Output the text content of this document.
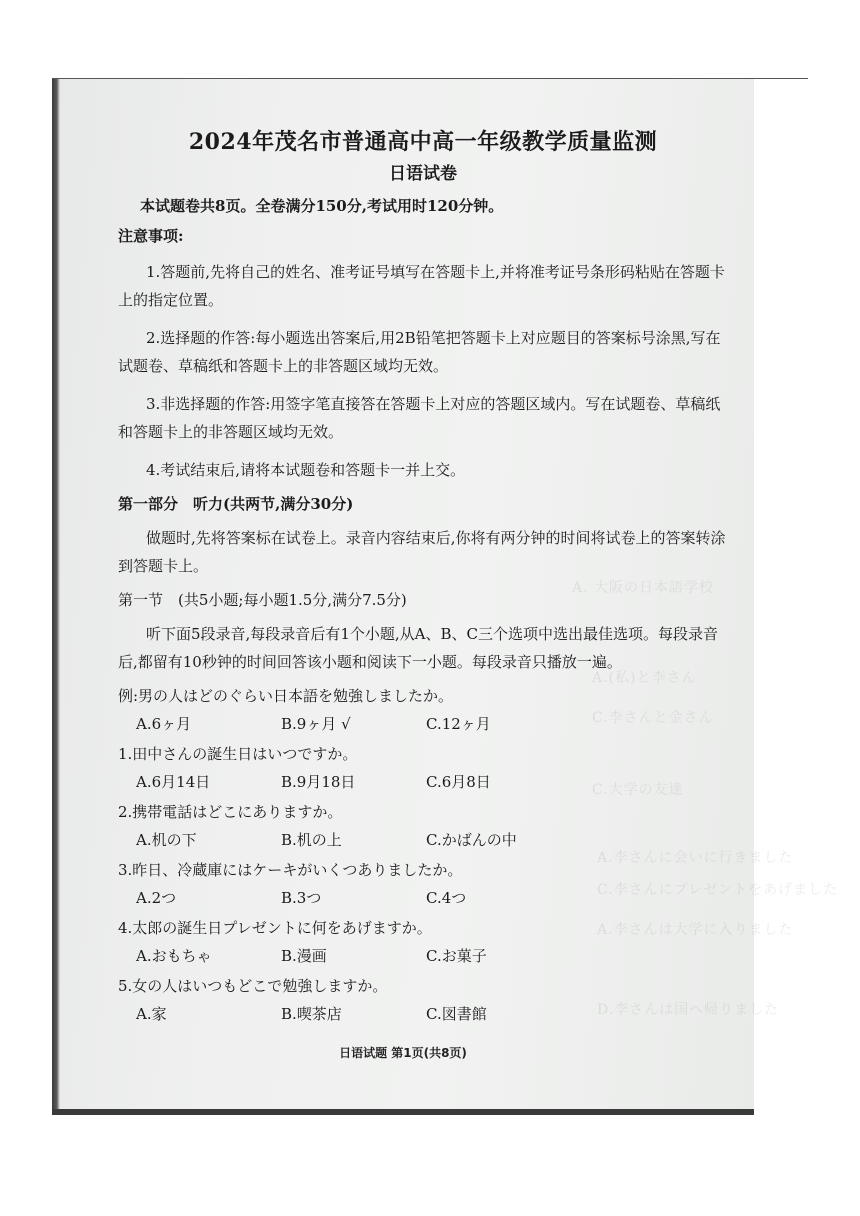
A. 大阪の日本語学校
A.(私)と李さん
C.李さんと金さん
C.大学の友達
A.李さんに会いに行きました
C.李さんにプレゼントをあげました
A.李さんは大学に入りました
D.李さんは国へ帰りました
2024年茂名市普通高中高一年级教学质量监测
日语试卷
本试题卷共8页。全卷满分150分,考试用时120分钟。
注意事项:
1.答题前,先将自己的姓名、准考证号填写在答题卡上,并将准考证号条形码粘贴在答题卡上的指定位置。
2.选择题的作答:每小题选出答案后,用2B铅笔把答题卡上对应题目的答案标号涂黑,写在试题卷、草稿纸和答题卡上的非答题区域均无效。
3.非选择题的作答:用签字笔直接答在答题卡上对应的答题区域内。写在试题卷、草稿纸和答题卡上的非答题区域均无效。
4.考试结束后,请将本试题卷和答题卡一并上交。
第一部分　听力(共两节,满分30分)
做题时,先将答案标在试卷上。录音内容结束后,你将有两分钟的时间将试卷上的答案转涂到答题卡上。
第一节　(共5小题;每小题1.5分,满分7.5分)
听下面5段录音,每段录音后有1个小题,从A、B、C三个选项中选出最佳选项。每段录音后,都留有10秒钟的时间回答该小题和阅读下一小题。每段录音只播放一遍。
例:男の人はどのぐらい日本語を勉強しましたか。
A.6ヶ月	B.9ヶ月 √	C.12ヶ月
1.田中さんの誕生日はいつですか。
A.6月14日	B.9月18日	C.6月8日
2.携帯電話はどこにありますか。
A.机の下	B.机の上	C.かばんの中
3.昨日、冷蔵庫にはケーキがいくつありましたか。
A.2つ	B.3つ	C.4つ
4.太郎の誕生日プレゼントに何をあげますか。
A.おもちゃ	B.漫画	C.お菓子
5.女の人はいつもどこで勉強しますか。
A.家	B.喫茶店	C.図書館
日语试题 第1页(共8页)
